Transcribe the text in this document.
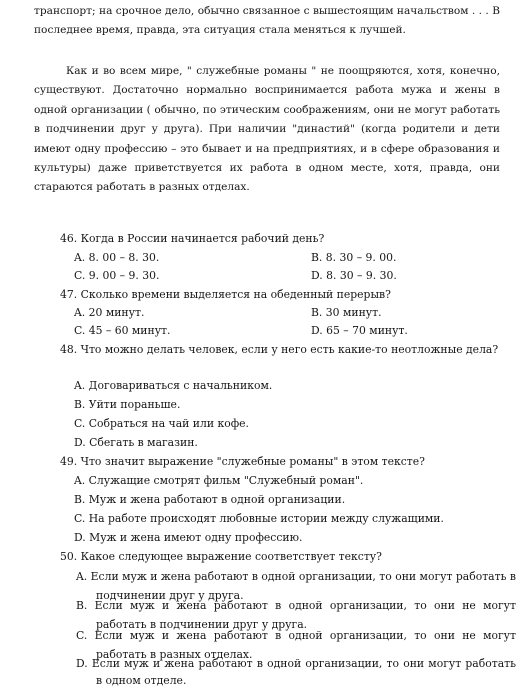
транспорт; на срочное дело, обычно связанное с вышестоящим начальством . . . В последнее время, правда, эта ситуация стала меняться к лучшей.

Как и во всем мире, " служебные романы " не поощряются, хотя, конечно, существуют. Достаточно нормально воспринимается работа мужа и жены в одной организации ( обычно, по этическим соображениям, они не могут работать в подчинении друг у друга). При наличии "династий" (когда родители и дети имеют одну профессию – это бывает и на предприятиях, и в сфере образования и культуры) даже приветствуется их работа в одном месте, хотя, правда, они стараются работать в разных отделах.

46. Когда в России начинается рабочий день?

A. 8. 00 – 8. 30.	B. 8. 30 – 9. 00.
C. 9. 00 – 9. 30.	D. 8. 30 – 9. 30.

47. Сколько времени выделяется на обеденный перерыв?

A. 20 минут.	B. 30 минут.
C. 45 – 60 минут.	D. 65 – 70 минут.

48. Что можно делать человек, если у него есть какие-то неотложные дела?

A. Договариваться с начальником.
B. Уйти пораньше.
C. Собраться на чай или кофе.
D. Сбегать в магазин.

49. Что значит выражение "служебные романы" в этом тексте?

A. Служащие смотрят фильм "Служебный роман".
B. Муж и жена работают в одной организации.
C. На работе происходят любовные истории между служащими.
D. Муж и жена имеют одну профессию.

50. Какое следующее выражение соответствует тексту?

A. Если муж и жена работают в одной организации, то они могут работать в подчинении друг у друга.

B. Если муж и жена работают в одной организации, то они не могут работать в подчинении друг у друга.

C. Если муж и жена работают в одной организации, то они не могут работать в разных отделах.

D. Если муж и жена работают в одной организации, то они могут работать в одном отделе.
